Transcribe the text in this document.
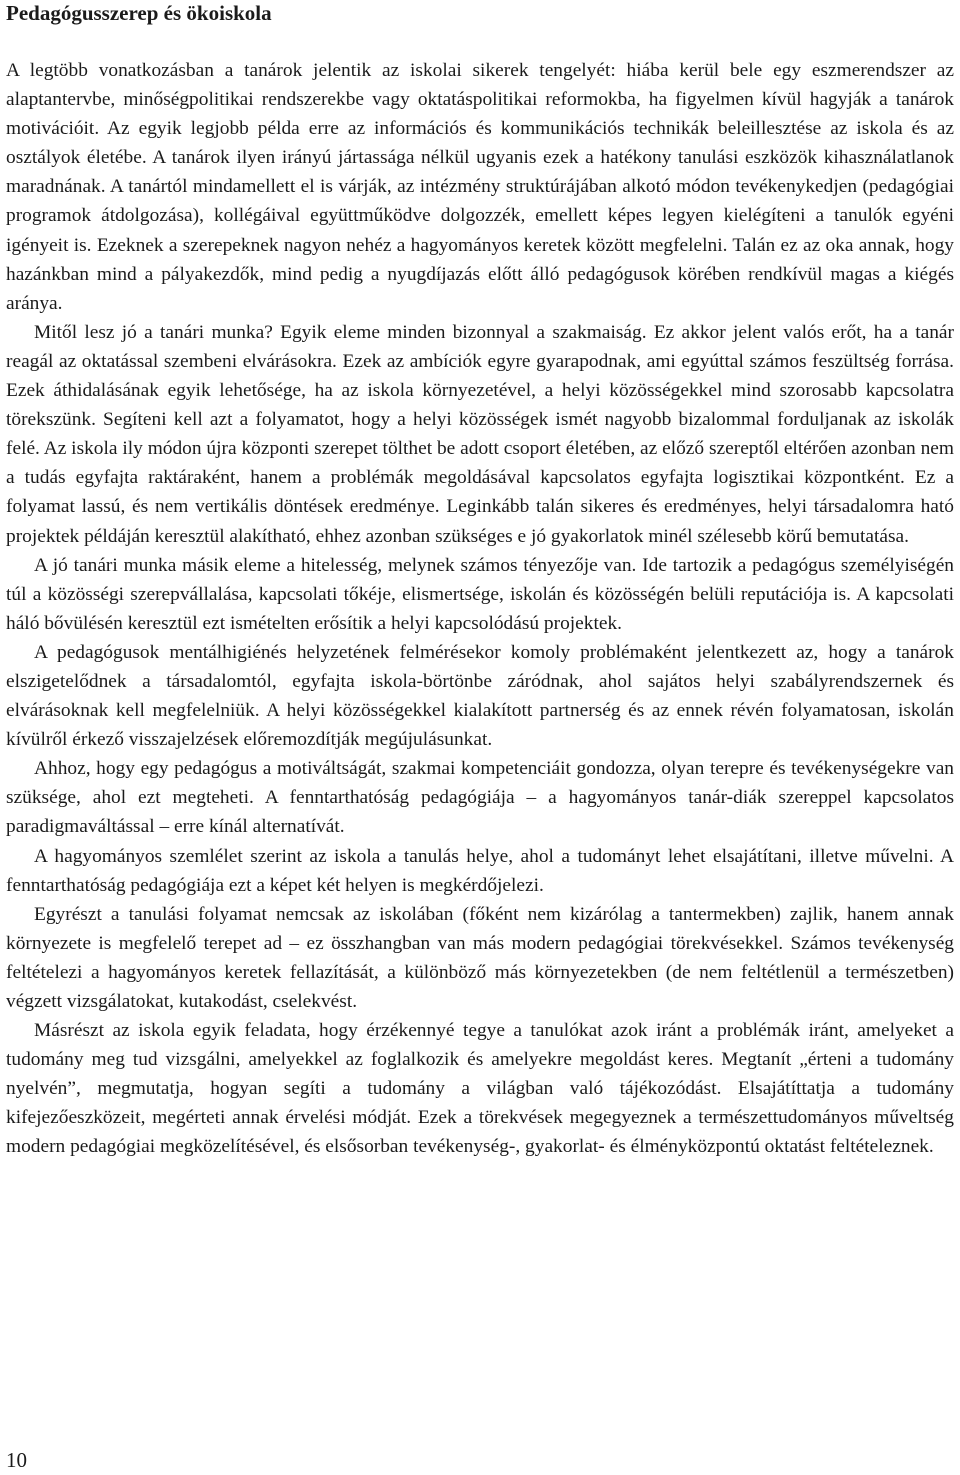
Pedagógusszerep és ökoiskola

A legtöbb vonatkozásban a tanárok jelentik az iskolai sikerek tengelyét: hiába kerül bele egy eszmerendszer az alaptantervbe, minőségpolitikai rendszerekbe vagy oktatáspolitikai reformokba, ha figyelmen kívül hagyják a tanárok motivációit. Az egyik legjobb példa erre az információs és kommunikációs technikák beleillesztése az iskola és az osztályok életébe. A tanárok ilyen irányú jártassága nélkül ugyanis ezek a hatékony tanulási eszközök kihasználatlanok maradnának. A tanártól mindamellett el is várják, az intézmény struktúrájában alkotó módon tevékenykedjen (pedagógiai programok átdolgozása), kollégáival együttműködve dolgozzék, emellett képes legyen kielégíteni a tanulók egyéni igényeit is. Ezeknek a szerepeknek nagyon nehéz a hagyományos keretek között megfelelni. Talán ez az oka annak, hogy hazánkban mind a pályakezdők, mind pedig a nyugdíjazás előtt álló pedagógusok körében rendkívül magas a kiégés aránya.

Mitől lesz jó a tanári munka? Egyik eleme minden bizonnyal a szakmaiság. Ez akkor jelent valós erőt, ha a tanár reagál az oktatással szembeni elvárásokra. Ezek az ambíciók egyre gyarapodnak, ami egyúttal számos feszültség forrása. Ezek áthidalásának egyik lehetősége, ha az iskola környezetével, a helyi közösségekkel mind szorosabb kapcsolatra törekszünk. Segíteni kell azt a folyamatot, hogy a helyi közösségek ismét nagyobb bizalommal forduljanak az iskolák felé. Az iskola ily módon újra központi szerepet tölthet be adott csoport életében, az előző szereptől eltérően azonban nem a tudás egyfajta raktáraként, hanem a problémák megoldásával kapcsolatos egyfajta logisztikai központként. Ez a folyamat lassú, és nem vertikális döntések eredménye. Leginkább talán sikeres és eredményes, helyi társadalomra ható projektek példáján keresztül alakítható, ehhez azonban szükséges e jó gyakorlatok minél szélesebb körű bemutatása.

A jó tanári munka másik eleme a hitelesség, melynek számos tényezője van. Ide tartozik a pedagógus személyiségén túl a közösségi szerepvállalása, kapcsolati tőkéje, elismertsége, iskolán és közösségén belüli reputációja is. A kapcsolati háló bővülésén keresztül ezt ismételten erősítik a helyi kapcsolódású projektek.

A pedagógusok mentálhigiénés helyzetének felmérésekor komoly problémaként jelentkezett az, hogy a tanárok elszigetelődnek a társadalomtól, egyfajta iskola-börtönbe záródnak, ahol sajátos helyi szabályrendszernek és elvárásoknak kell megfelelniük. A helyi közösségekkel kialakított partnerség és az ennek révén folyamatosan, iskolán kívülről érkező visszajelzések előremozdítják megújulásunkat.

Ahhoz, hogy egy pedagógus a motiváltságát, szakmai kompetenciáit gondozza, olyan terepre és tevékenységekre van szüksége, ahol ezt megteheti. A fenntarthatóság pedagógiája – a hagyományos tanár-diák szereppel kapcsolatos paradigmaváltással – erre kínál alternatívát.

A hagyományos szemlélet szerint az iskola a tanulás helye, ahol a tudományt lehet elsajátítani, illetve művelni. A fenntarthatóság pedagógiája ezt a képet két helyen is megkérdőjelezi.

Egyrészt a tanulási folyamat nemcsak az iskolában (főként nem kizárólag a tantermekben) zajlik, hanem annak környezete is megfelelő terepet ad – ez összhangban van más modern pedagógiai törekvésekkel. Számos tevékenység feltételezi a hagyományos keretek fellazítását, a különböző más környezetekben (de nem feltétlenül a természetben) végzett vizsgálatokat, kutakodást, cselekvést.

Másrészt az iskola egyik feladata, hogy érzékennyé tegye a tanulókat azok iránt a problémák iránt, amelyeket a tudomány meg tud vizsgálni, amelyekkel az foglalkozik és amelyekre megoldást keres. Megtanít „érteni a tudomány nyelvén”, megmutatja, hogyan segíti a tudomány a világban való tájékozódást. Elsajátíttatja a tudomány kifejezőeszközeit, megérteti annak érvelési módját. Ezek a törekvések megegyeznek a természettudományos műveltség modern pedagógiai megközelítésével, és elsősorban tevékenység-, gyakorlat- és élményközpontú oktatást feltételeznek.

10
